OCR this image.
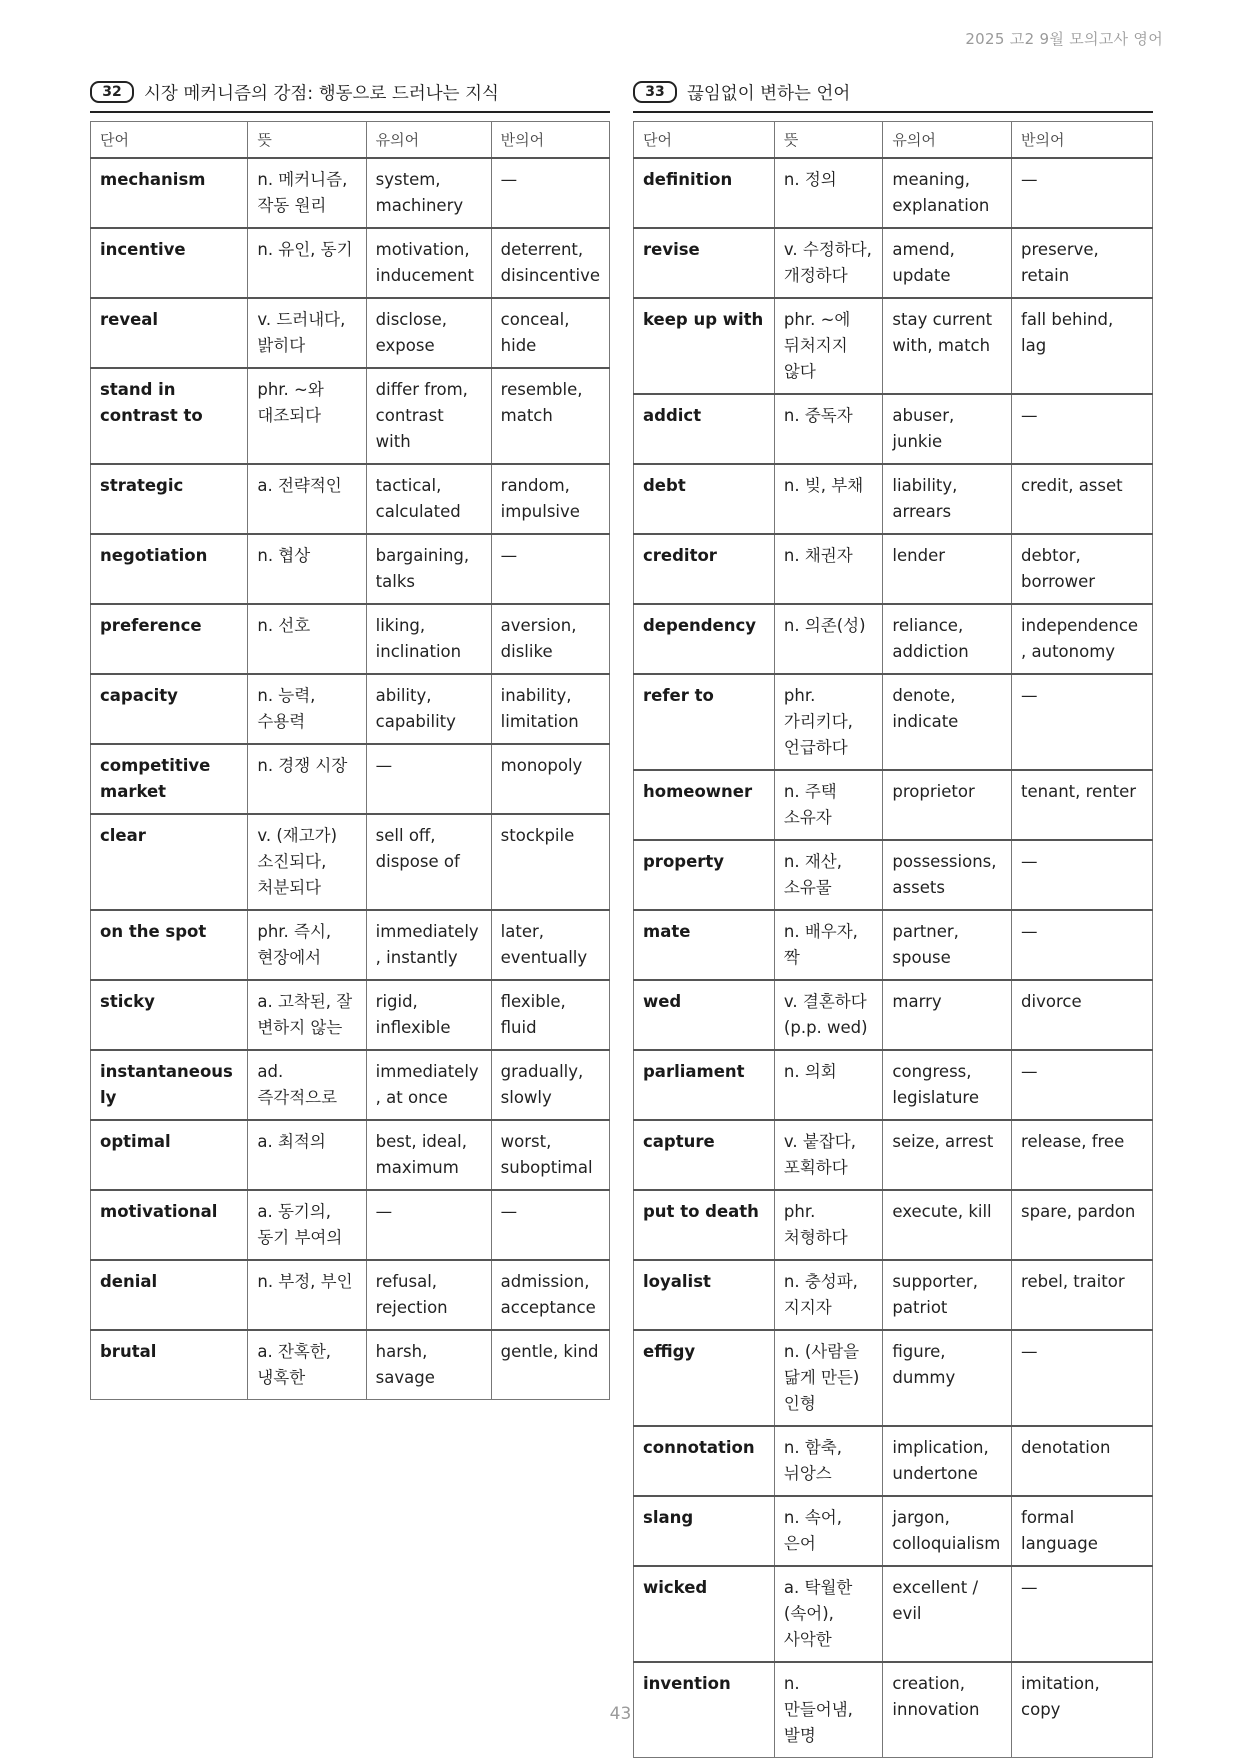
2025 고2 9월 모의고사 영어
32	시장 메커니즘의 강점: 행동으로 드러나는 지식
단어	뜻	유의어	반의어
mechanism	n. 메커니즘, 작동 원리	system, machinery	—
incentive	n. 유인, 동기	motivation, inducement	deterrent, disincentive
reveal	v. 드러내다, 밝히다	disclose, expose	conceal, hide
stand in contrast to	phr. ~와 대조되다	differ from, contrast with	resemble, match
strategic	a. 전략적인	tactical, calculated	random, impulsive
negotiation	n. 협상	bargaining, talks	—
preference	n. 선호	liking, inclination	aversion, dislike
capacity	n. 능력, 수용력	ability, capability	inability, limitation
competitive market	n. 경쟁 시장	—	monopoly
clear	v. (재고가) 소진되다, 처분되다	sell off, dispose of	stockpile
on the spot	phr. 즉시, 현장에서	immediately, instantly	later, eventually
sticky	a. 고착된, 잘 변하지 않는	rigid, inflexible	flexible, fluid
instantaneously	ad. 즉각적으로	immediately, at once	gradually, slowly
optimal	a. 최적의	best, ideal, maximum	worst, suboptimal
motivational	a. 동기의, 동기 부여의	—	—
denial	n. 부정, 부인	refusal, rejection	admission, acceptance
brutal	a. 잔혹한, 냉혹한	harsh, savage	gentle, kind
33	끊임없이 변하는 언어
단어	뜻	유의어	반의어
definition	n. 정의	meaning, explanation	—
revise	v. 수정하다, 개정하다	amend, update	preserve, retain
keep up with	phr. ~에 뒤처지지 않다	stay current with, match	fall behind, lag
addict	n. 중독자	abuser, junkie	—
debt	n. 빚, 부채	liability, arrears	credit, asset
creditor	n. 채권자	lender	debtor, borrower
dependency	n. 의존(성)	reliance, addiction	independence, autonomy
refer to	phr. 가리키다, 언급하다	denote, indicate	—
homeowner	n. 주택 소유자	proprietor	tenant, renter
property	n. 재산, 소유물	possessions, assets	—
mate	n. 배우자, 짝	partner, spouse	—
wed	v. 결혼하다 (p.p. wed)	marry	divorce
parliament	n. 의회	congress, legislature	—
capture	v. 붙잡다, 포획하다	seize, arrest	release, free
put to death	phr. 처형하다	execute, kill	spare, pardon
loyalist	n. 충성파, 지지자	supporter, patriot	rebel, traitor
effigy	n. (사람을 닮게 만든) 인형	figure, dummy	—
connotation	n. 함축, 뉘앙스	implication, undertone	denotation
slang	n. 속어, 은어	jargon, colloquialism	formal language
wicked	a. 탁월한(속어), 사악한	excellent / evil	—
invention	n. 만들어냄, 발명	creation, innovation	imitation, copy
43
